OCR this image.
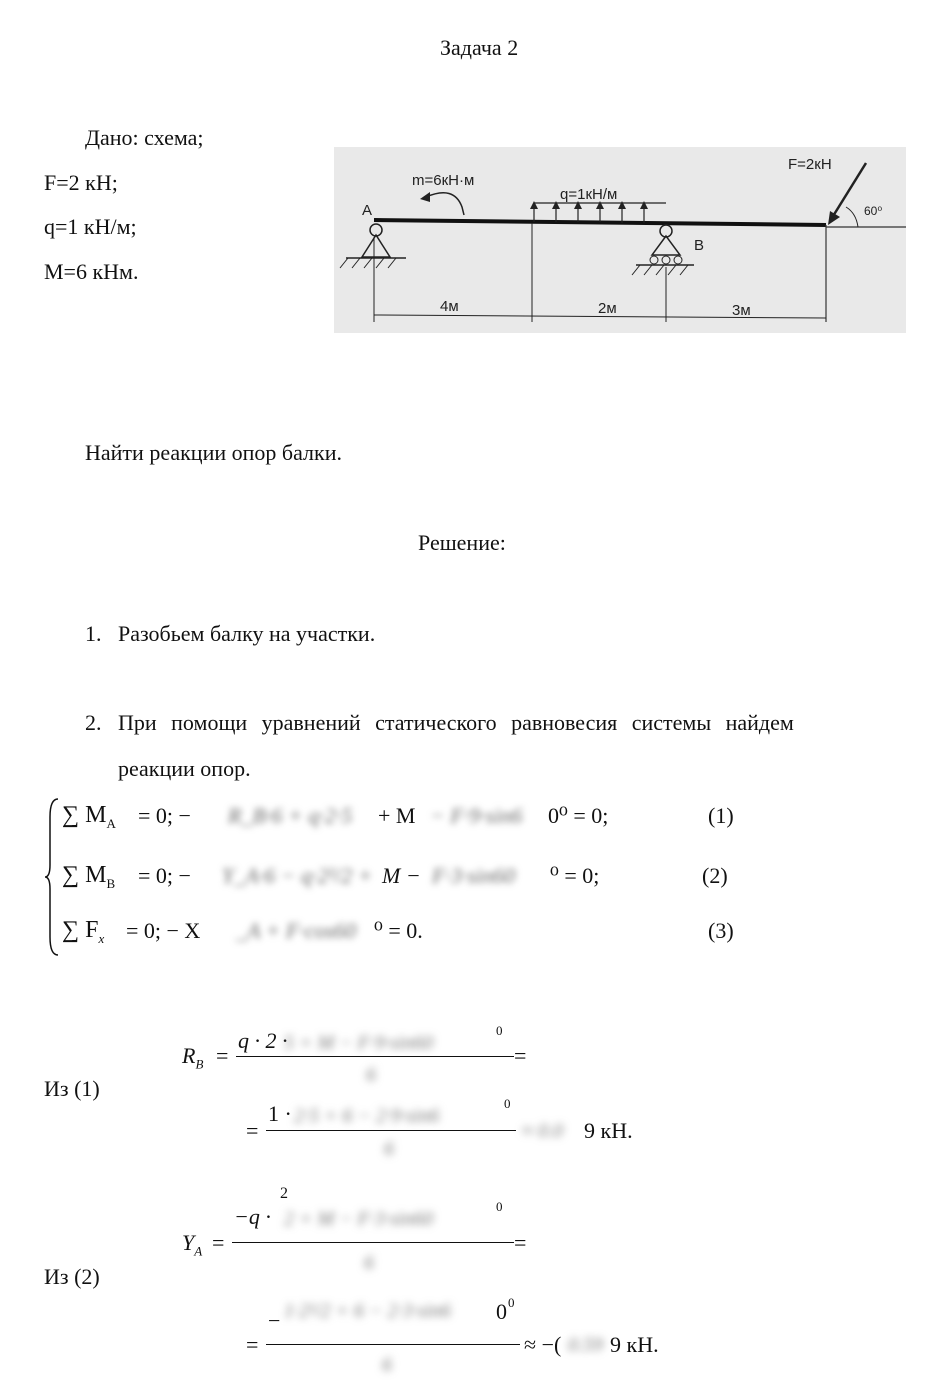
Задача 2
Дано: схема;
F=2 кН;
q=1 кН/м;
М=6 кНм.
A
B
m=6кН·м
q=1кН/м
F=2кН
60⁰
4м	2м	3м
Найти реакции опор балки.
Решение:
1. Разобьем балку на участки.
2. При помощи уравнений статического равновесия системы найдем
реакции опор.
∑ $M_A = 0$; − R_B·6 + q·2·5 + M − F·9·sin6 0⁰ = 0;	(1)
∑ $M_B = 0$; − Y_A·6 − q·2²/2 + M − F·3·sin60 ⁰ = 0;	(2)
∑ $F_x = 0$; − X _A + F·cos60 ⁰ = 0.	(3)
Из (1)
$R_B$ =
q · 2 ·
5 + M − F·9·sin60
0
6
=
=
1 · 2·5 + 6 − 2·9·sin6
0
6
≈ 0.0 9 кН.
Из (2)
$Y_A$ =
−q ·
2
2 + M − F·3·sin60
0
6
=
=
− 1·2²/2 + 6 − 2·3·sin6 0 0
6
≈ −( 0.59 9 кН.
